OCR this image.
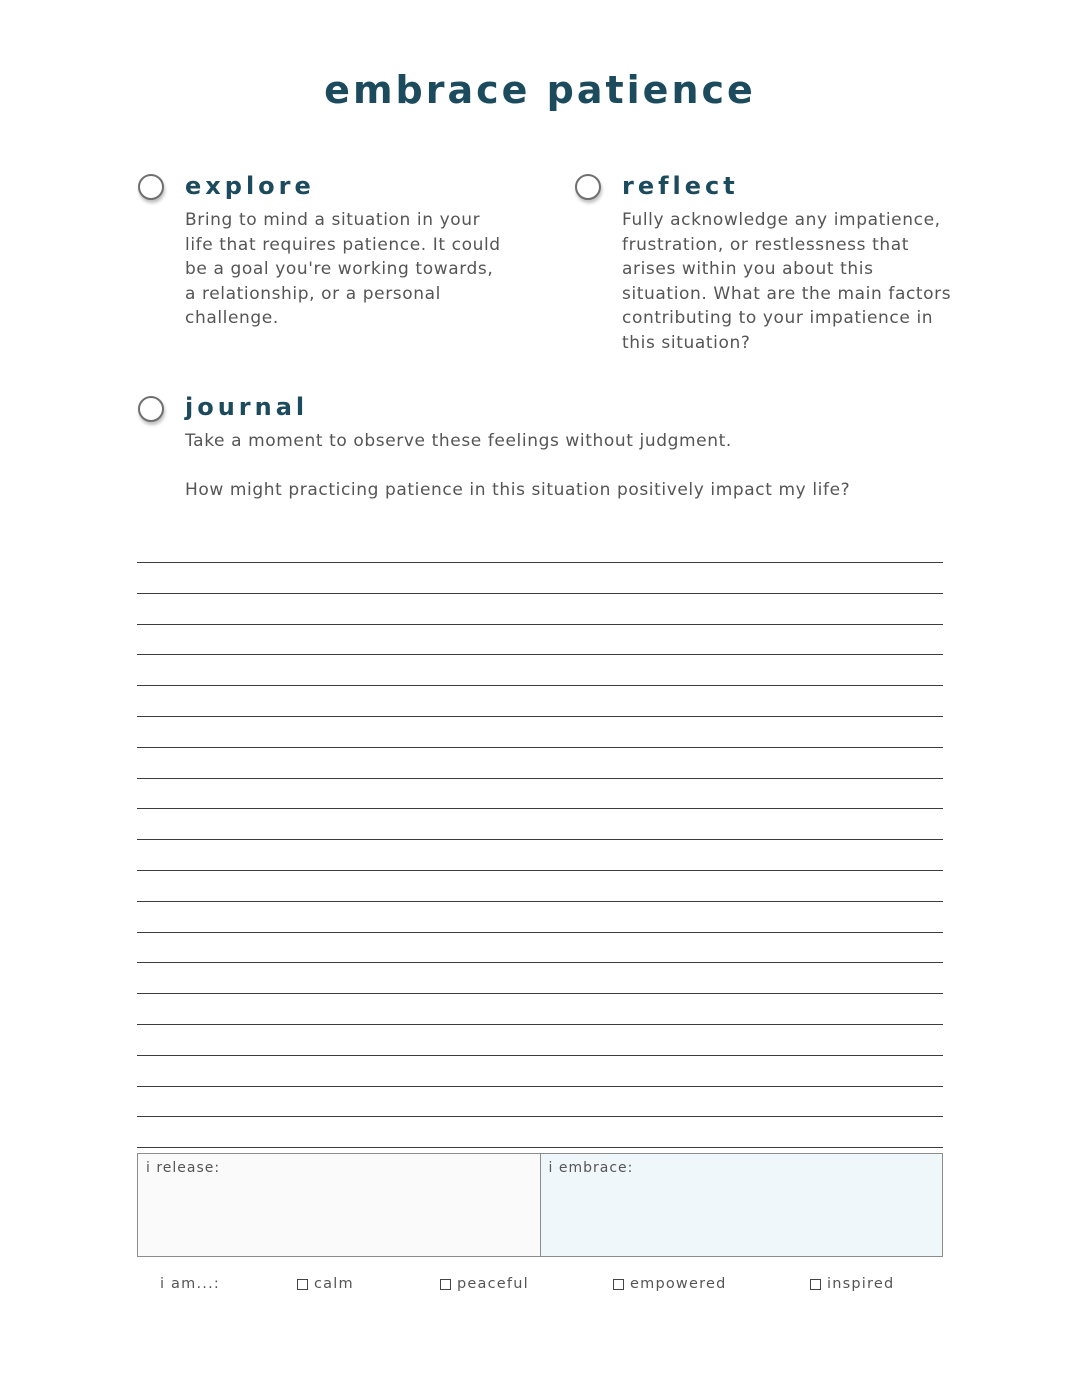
embrace patience
explore
Bring to mind a situation in your life that requires patience. It could be a goal you're working towards, a relationship, or a personal challenge.
reflect
Fully acknowledge any impatience, frustration, or restlessness that arises within you about this situation. What are the main factors contributing to your impatience in this situation?
journal
Take a moment to observe these feelings without judgment.
How might practicing patience in this situation positively impact my life?
i release:	i embrace:
i am...:	calm	peaceful	empowered	inspired
